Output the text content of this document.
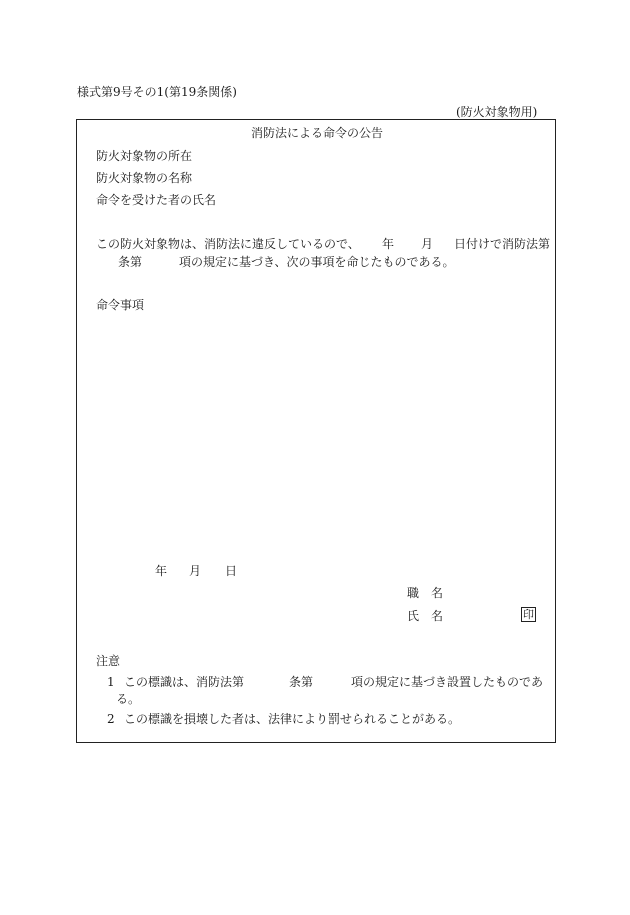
様式第9号その1(第19条関係)
(防火対象物用)
消防法による命令の公告
防火対象物の所在
防火対象物の名称
命令を受けた者の氏名
この防火対象物は、消防法に違反しているので、 年 月 日付けで消防法第
条第	項の規定に基づき、次の事項を命じたものである。
命令事項
年 月 日
職　名
氏　名	印
注意
1 この標識は、消防法第	条第	項の規定に基づき設置したものであ
る。
2 この標識を損壊した者は、法律により罰せられることがある。
